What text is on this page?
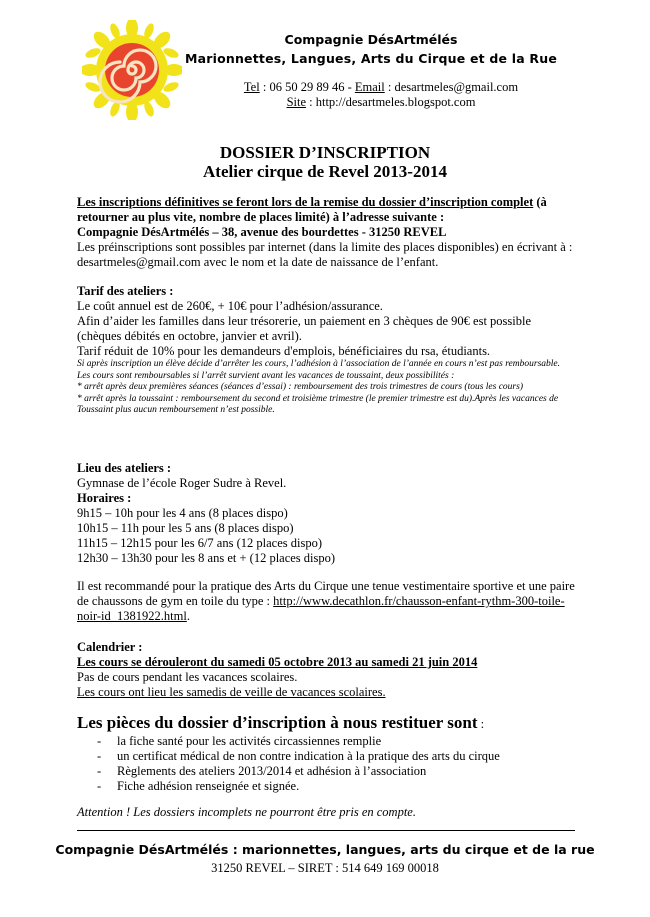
Compagnie DésArtmélés
Marionnettes, Langues, Arts du Cirque et de la Rue
Tel : 06 50 29 89 46 - Email : desartmeles@gmail.com
Site : http://desartmeles.blogspot.com
DOSSIER D’INSCRIPTION
Atelier cirque de Revel 2013-2014

Les inscriptions définitives se feront lors de la remise du dossier d’inscription complet (à retourner au plus vite, nombre de places limité) à l’adresse suivante :

Compagnie DésArtmélés – 38, avenue des bourdettes - 31250 REVEL

Les préinscriptions sont possibles par internet (dans la limite des places disponibles) en écrivant à : desartmeles@gmail.com avec le nom et la date de naissance de l’enfant.

Tarif des ateliers :

Le coût annuel est de 260€, + 10€ pour l’adhésion/assurance.

Afin d’aider les familles dans leur trésorerie, un paiement en 3 chèques de 90€ est possible (chèques débités en octobre, janvier et avril).

Tarif réduit de 10% pour les demandeurs d'emplois, bénéficiaires du rsa, étudiants.

Si après inscription un élève décide d’arrêter les cours, l’adhésion à l’association de l’année en cours n’est pas remboursable.

Les cours sont remboursables si l’arrêt survient avant les vacances de toussaint, deux possibilités :

* arrêt après deux premières séances (séances d’essai) : remboursement des trois trimestres de cours (tous les cours)

* arrêt après la toussaint : remboursement du second et troisième trimestre (le premier trimestre est du).Après les vacances de Toussaint plus aucun remboursement n’est possible.

Lieu des ateliers :

Gymnase de l’école Roger Sudre à Revel.

Horaires :

9h15 – 10h pour les 4 ans (8 places dispo)

10h15 – 11h pour les 5 ans (8 places dispo)

11h15 – 12h15 pour les 6/7 ans (12 places dispo)

12h30 – 13h30 pour les 8 ans et + (12 places dispo)

Il est recommandé pour la pratique des Arts du Cirque une tenue vestimentaire sportive et une paire de chaussons de gym en toile du type : http://www.decathlon.fr/chausson-enfant-rythm-300-toile-noir-id_1381922.html.

Calendrier :

Les cours se dérouleront du samedi 05 octobre 2013 au samedi 21 juin 2014

Pas de cours pendant les vacances scolaires.

Les cours ont lieu les samedis de veille de vacances scolaires.

Les pièces du dossier d’inscription à nous restituer sont :

- la fiche santé pour les activités circassiennes remplie
- un certificat médical de non contre indication à la pratique des arts du cirque
- Règlements des ateliers 2013/2014 et adhésion à l’association
- Fiche adhésion renseignée et signée.
Attention ! Les dossiers incomplets ne pourront être pris en compte.
Compagnie DésArtmélés : marionnettes, langues, arts du cirque et de la rue
31250 REVEL – SIRET : 514 649 169 00018
